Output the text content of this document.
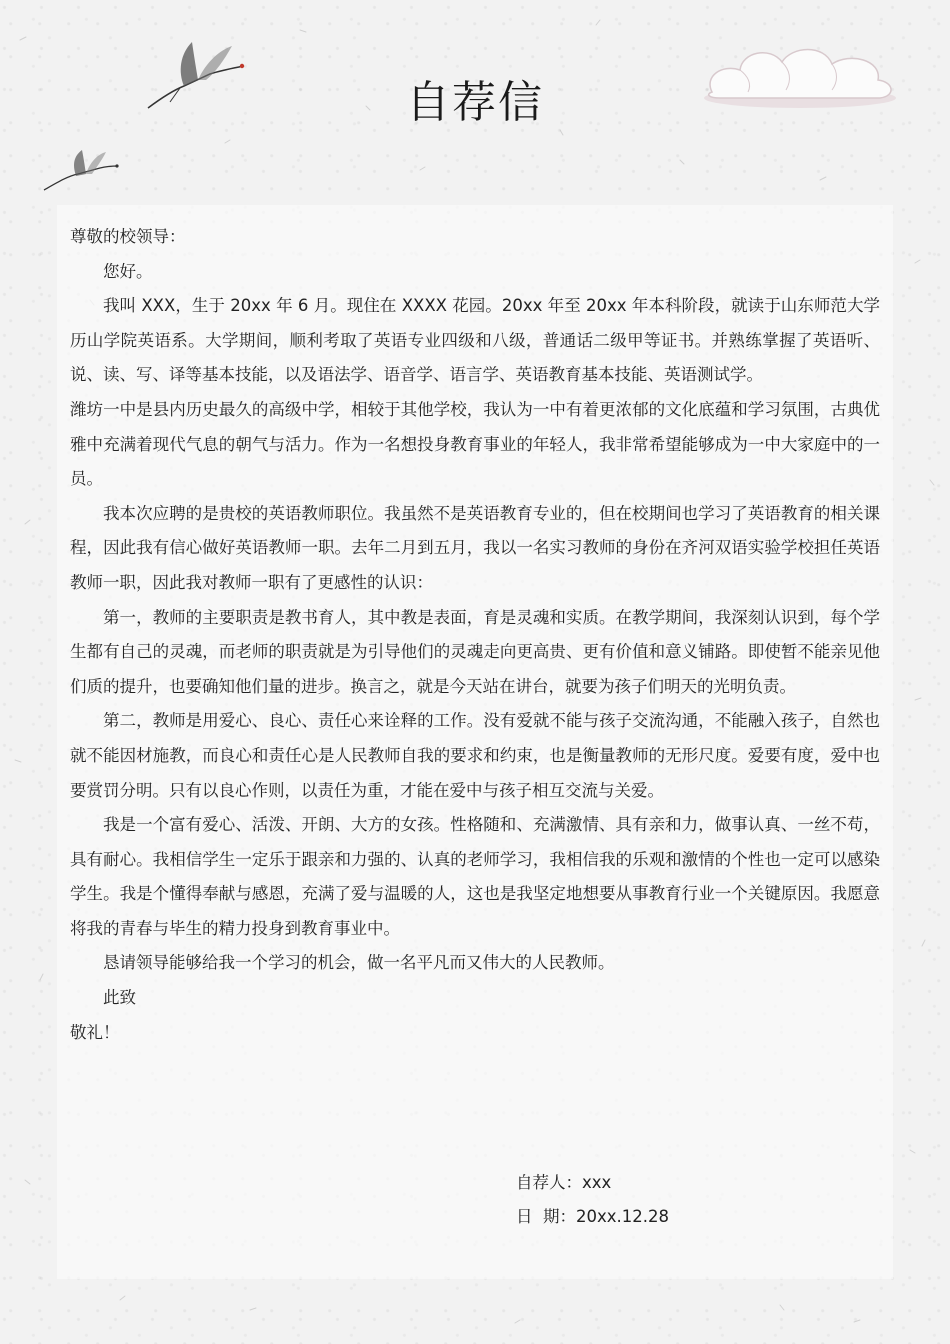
自荐信

尊敬的校领导：

您好。

我叫 XXX，生于 20xx 年 6 月。现住在 XXXX 花园。20xx 年至 20xx 年本科阶段，就读于山东师范大学历山学院英语系。大学期间，顺利考取了英语专业四级和八级，普通话二级甲等证书。并熟练掌握了英语听、说、读、写、译等基本技能，以及语法学、语音学、语言学、英语教育基本技能、英语测试学。

潍坊一中是县内历史最久的高级中学，相较于其他学校，我认为一中有着更浓郁的文化底蕴和学习氛围，古典优雅中充满着现代气息的朝气与活力。作为一名想投身教育事业的年轻人，我非常希望能够成为一中大家庭中的一员。

我本次应聘的是贵校的英语教师职位。我虽然不是英语教育专业的，但在校期间也学习了英语教育的相关课程，因此我有信心做好英语教师一职。去年二月到五月，我以一名实习教师的身份在齐河双语实验学校担任英语教师一职，因此我对教师一职有了更感性的认识：

第一，教师的主要职责是教书育人，其中教是表面，育是灵魂和实质。在教学期间，我深刻认识到，每个学生都有自己的灵魂，而老师的职责就是为引导他们的灵魂走向更高贵、更有价值和意义铺路。即使暂不能亲见他们质的提升，也要确知他们量的进步。换言之，就是今天站在讲台，就要为孩子们明天的光明负责。

第二，教师是用爱心、良心、责任心来诠释的工作。没有爱就不能与孩子交流沟通，不能融入孩子，自然也就不能因材施教，而良心和责任心是人民教师自我的要求和约束，也是衡量教师的无形尺度。爱要有度，爱中也要赏罚分明。只有以良心作则，以责任为重，才能在爱中与孩子相互交流与关爱。

我是一个富有爱心、活泼、开朗、大方的女孩。性格随和、充满激情、具有亲和力，做事认真、一丝不苟，具有耐心。我相信学生一定乐于跟亲和力强的、认真的老师学习，我相信我的乐观和激情的个性也一定可以感染学生。我是个懂得奉献与感恩，充满了爱与温暖的人，这也是我坚定地想要从事教育行业一个关键原因。我愿意将我的青春与毕生的精力投身到教育事业中。

恳请领导能够给我一个学习的机会，做一名平凡而又伟大的人民教师。

此致

敬礼！

自荐人：xxx
日  期：20xx.12.28
